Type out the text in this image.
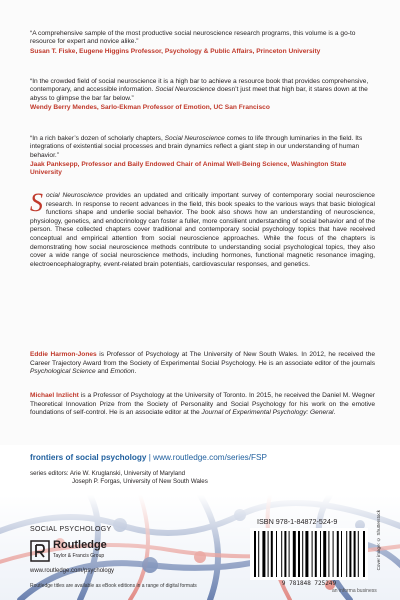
“A comprehensive sample of the most productive social neuroscience research programs, this volume is a go-to resource for expert and novice alike.”

Susan T. Fiske, Eugene Higgins Professor, Psychology & Public Affairs, Princeton University

“In the crowded field of social neuroscience it is a high bar to achieve a resource book that provides comprehensive, contemporary, and accessible information. Social Neuroscience doesn’t just meet that high bar, it stares down at the abyss to glimpse the bar far below.”

Wendy Berry Mendes, Sarlo-Ekman Professor of Emotion, UC San Francisco

“In a rich baker’s dozen of scholarly chapters, Social Neuroscience comes to life through luminaries in the field. Its integrations of existential social processes and brain dynamics reflect a giant step in our understanding of human behavior.”

Jaak Panksepp, Professor and Baily Endowed Chair of Animal Well-Being Science, Washington State University

Social Neuroscience provides an updated and critically important survey of contemporary social neuroscience research. In response to recent advances in the field, this book speaks to the various ways that basic biological functions shape and underlie social behavior. The book also shows how an understanding of neuroscience, physiology, genetics, and endocrinology can foster a fuller, more consilient understanding of social behavior and of the person. These collected chapters cover traditional and contemporary social psychology topics that have received conceptual and empirical attention from social neuroscience approaches. While the focus of the chapters is demonstrating how social neuroscience methods contribute to understanding social psychological topics, they also cover a wide range of social neuroscience methods, including hormones, functional magnetic resonance imaging, electroencephalography, event-related brain potentials, cardiovascular responses, and genetics.

Eddie Harmon-Jones is Professor of Psychology at The University of New South Wales. In 2012, he received the Career Trajectory Award from the Society of Experimental Social Psychology. He is an associate editor of the journals Psychological Science and Emotion.

Michael Inzlicht is a Professor of Psychology at the University of Toronto. In 2015, he received the Daniel M. Wegner Theoretical Innovation Prize from the Society of Personality and Social Psychology for his work on the emotive foundations of self-control. He is an associate editor at the Journal of Experimental Psychology: General.

frontiers of social psychology | www.routledge.com/series/FSP
series editors: Arie W. Kruglanski, University of Maryland
Joseph P. Forgas, University of New South Wales
SOCIAL PSYCHOLOGY
Routledge
Taylor & Francis Group
www.routledge.com/psychology
Routledge titles are available as eBook editions in a range of digital formats
ISBN 978-1-84872-524-9
9 781848 725249
Cover image: © Shutterstock
an informa business
